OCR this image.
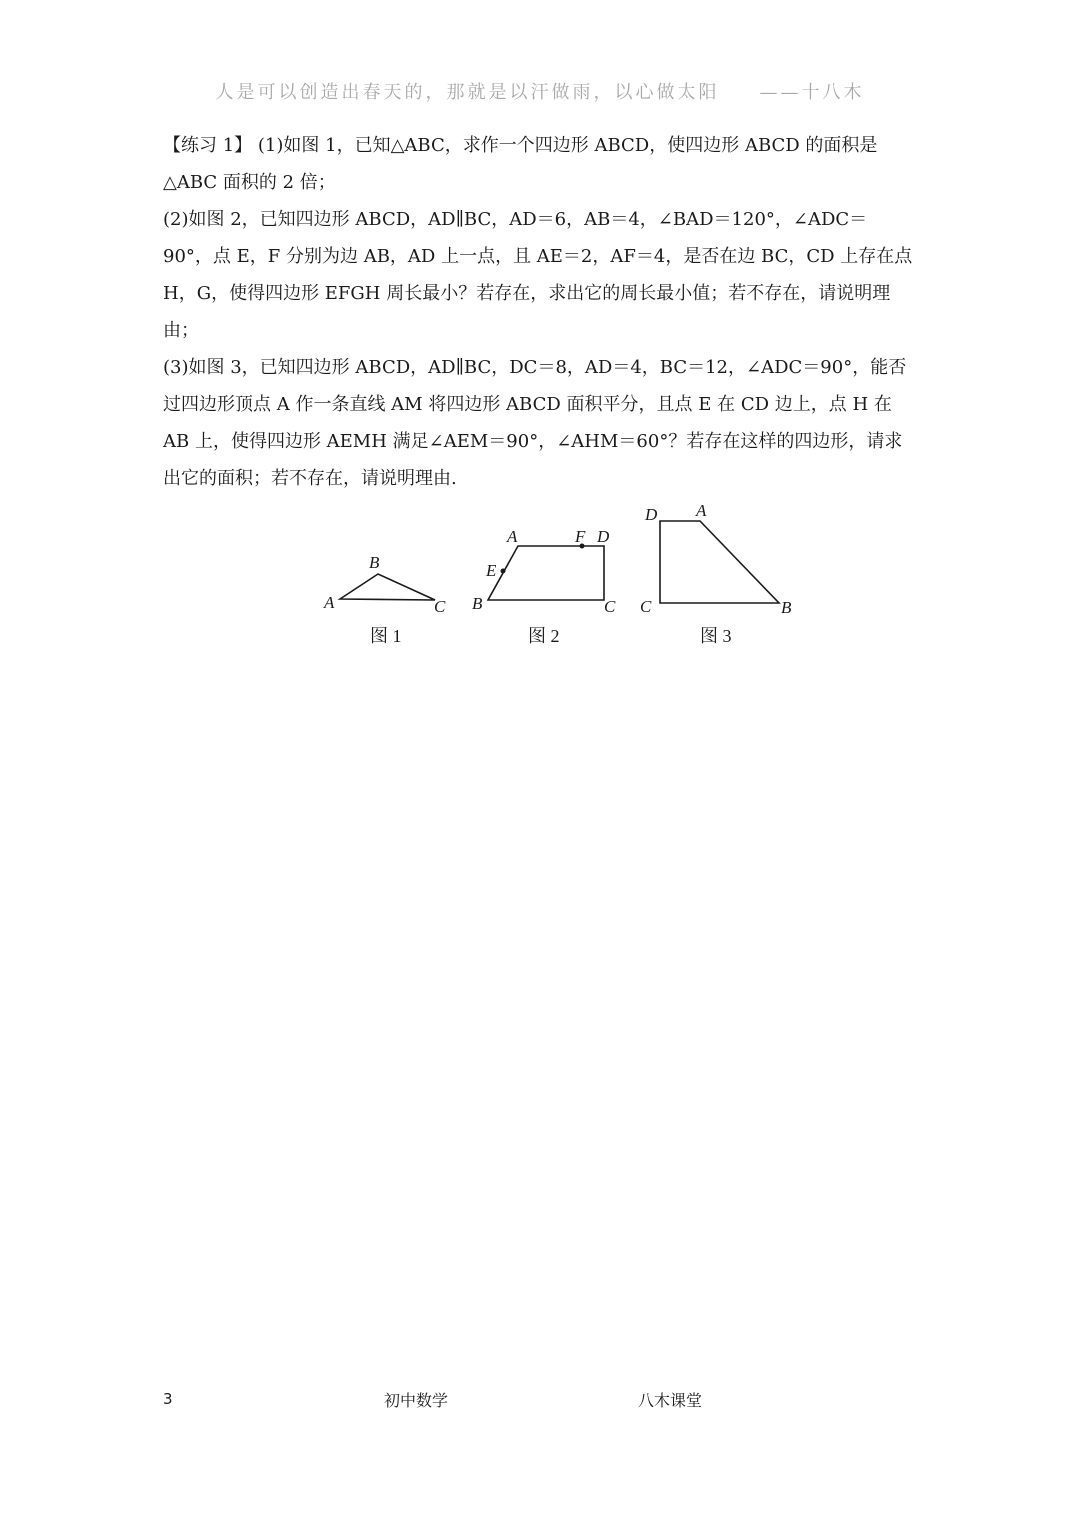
人是可以创造出春天的，那就是以汗做雨，以心做太阳 ——十八木

【练习 1】 (1)如图 1，已知△ABC，求作一个四边形 ABCD，使四边形 ABCD 的面积是△ABC 面积的 2 倍；

(2)如图 2，已知四边形 ABCD，AD∥BC，AD＝6，AB＝4，∠BAD＝120°，∠ADC＝90°，点 E，F 分别为边 AB，AD 上一点，且 AE＝2，AF＝4，是否在边 BC，CD 上存在点 H，G，使得四边形 EFGH 周长最小？若存在，求出它的周长最小值；若不存在，请说明理由；

(3)如图 3，已知四边形 ABCD，AD∥BC，DC＝8，AD＝4，BC＝12，∠ADC＝90°，能否过四边形顶点 A 作一条直线 AM 将四边形 ABCD 面积平分，且点 E 在 CD 边上，点 H 在 AB 上，使得四边形 AEMH 满足∠AEM＝90°，∠AHM＝60°？若存在这样的四边形，请求出它的面积；若不存在，请说明理由.

A
B
C
图 1
A	F D
E
B	C
图 2
D A
C	B
图 3
3	初中数学	八木课堂
